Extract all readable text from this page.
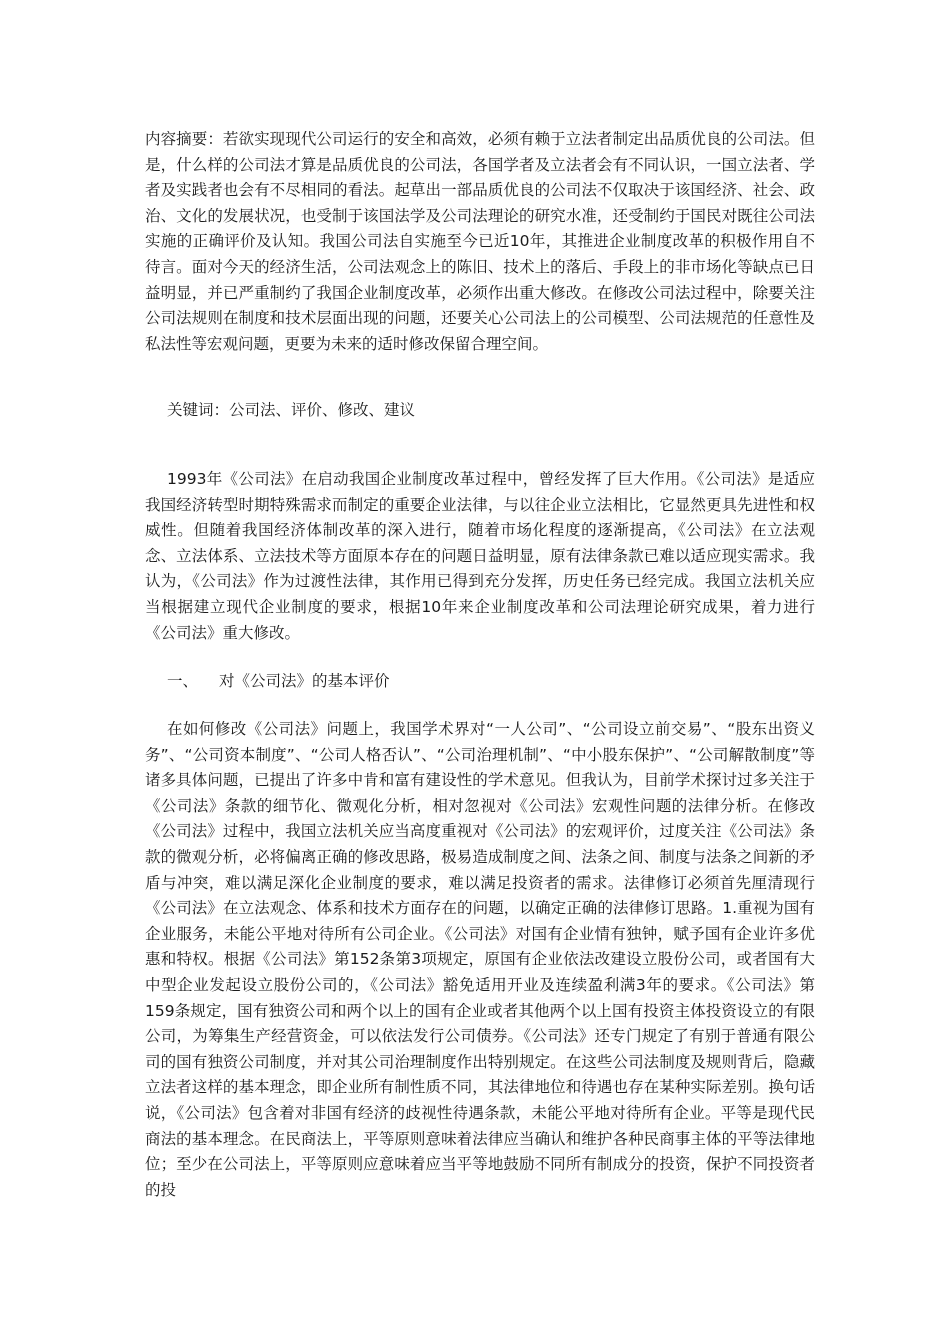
内容摘要：若欲实现现代公司运行的安全和高效，必须有赖于立法者制定出品质优良的公司法。但是，什么样的公司法才算是品质优良的公司法，各国学者及立法者会有不同认识，一国立法者、学者及实践者也会有不尽相同的看法。起草出一部品质优良的公司法不仅取决于该国经济、社会、政治、文化的发展状况，也受制于该国法学及公司法理论的研究水准，还受制约于国民对既往公司法实施的正确评价及认知。我国公司法自实施至今已近10年，其推进企业制度改革的积极作用自不待言。面对今天的经济生活，公司法观念上的陈旧、技术上的落后、手段上的非市场化等缺点已日益明显，并已严重制约了我国企业制度改革，必须作出重大修改。在修改公司法过程中，除要关注公司法规则在制度和技术层面出现的问题，还要关心公司法上的公司模型、公司法规范的任意性及私法性等宏观问题，更要为未来的适时修改保留合理空间。

关键词：公司法、评价、修改、建议

1993年《公司法》在启动我国企业制度改革过程中，曾经发挥了巨大作用。《公司法》是适应我国经济转型时期特殊需求而制定的重要企业法律，与以往企业立法相比，它显然更具先进性和权威性。但随着我国经济体制改革的深入进行，随着市场化程度的逐渐提高，《公司法》在立法观念、立法体系、立法技术等方面原本存在的问题日益明显，原有法律条款已难以适应现实需求。我认为，《公司法》作为过渡性法律，其作用已得到充分发挥，历史任务已经完成。我国立法机关应当根据建立现代企业制度的要求，根据10年来企业制度改革和公司法理论研究成果，着力进行《公司法》重大修改。

一、 对《公司法》的基本评价

在如何修改《公司法》问题上，我国学术界对“一人公司”、“公司设立前交易”、“股东出资义务”、“公司资本制度”、“公司人格否认”、“公司治理机制”、“中小股东保护”、“公司解散制度”等诸多具体问题，已提出了许多中肯和富有建设性的学术意见。但我认为，目前学术探讨过多关注于《公司法》条款的细节化、微观化分析，相对忽视对《公司法》宏观性问题的法律分析。在修改《公司法》过程中，我国立法机关应当高度重视对《公司法》的宏观评价，过度关注《公司法》条款的微观分析，必将偏离正确的修改思路，极易造成制度之间、法条之间、制度与法条之间新的矛盾与冲突，难以满足深化企业制度的要求，难以满足投资者的需求。法律修订必须首先厘清现行《公司法》在立法观念、体系和技术方面存在的问题，以确定正确的法律修订思路。1.重视为国有企业服务，未能公平地对待所有公司企业。《公司法》对国有企业情有独钟，赋予国有企业许多优惠和特权。根据《公司法》第152条第3项规定，原国有企业依法改建设立股份公司，或者国有大中型企业发起设立股份公司的，《公司法》豁免适用开业及连续盈利满3年的要求。《公司法》第159条规定，国有独资公司和两个以上的国有企业或者其他两个以上国有投资主体投资设立的有限公司，为筹集生产经营资金，可以依法发行公司债券。《公司法》还专门规定了有别于普通有限公司的国有独资公司制度，并对其公司治理制度作出特别规定。在这些公司法制度及规则背后，隐藏立法者这样的基本理念，即企业所有制性质不同，其法律地位和待遇也存在某种实际差别。换句话说，《公司法》包含着对非国有经济的歧视性待遇条款，未能公平地对待所有企业。平等是现代民商法的基本理念。在民商法上，平等原则意味着法律应当确认和维护各种民商事主体的平等法律地位；至少在公司法上，平等原则应意味着应当平等地鼓励不同所有制成分的投资，保护不同投资者的投
